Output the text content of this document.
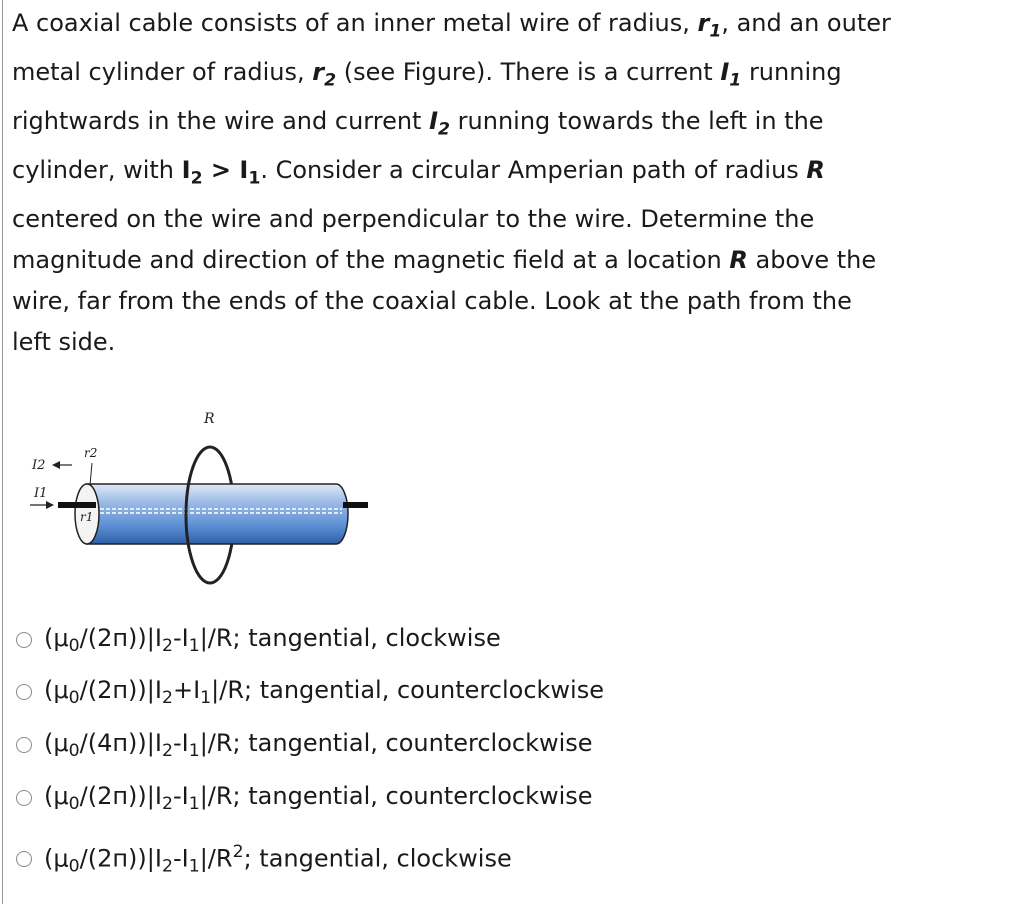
A coaxial cable consists of an inner metal wire of radius, $r_1$, and an outer
metal cylinder of radius, $r_2$ (see Figure). There is a current $I_1$ running
rightwards in the wire and current $I_2$ running towards the left in the
cylinder, with $I_2 > I_1$. Consider a circular Amperian path of radius R
centered on the wire and perpendicular to the wire. Determine the
magnitude and direction of the magnetic field at a location R above the
wire, far from the ends of the coaxial cable. Look at the path from the
left side.
R
r2
r1
I2
I1
$(\mu_0/(2п))|I_2-I_1|/R$; tangential, clockwise
$(\mu_0/(2п))|I_2+I_1|/R$; tangential, counterclockwise
$(\mu_0/(4п))|I_2-I_1|/R$; tangential, counterclockwise
$(\mu_0/(2п))|I_2-I_1|/R$; tangential, counterclockwise
$(\mu_0/(2п))|I_2-I_1|/R^2$; tangential, clockwise
